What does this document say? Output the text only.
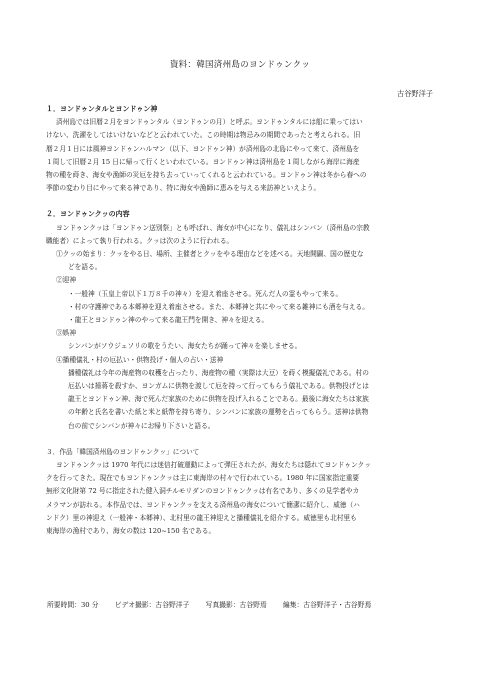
資料：韓国済州島のヨンドゥンクッ
古谷野洋子

１．ヨンドゥンタルとヨンドゥン神

済州島では旧暦２月をヨンドゥンタル（ヨンドゥンの月）と呼ぶ。ヨンドゥンタルには船に乗ってはい

けない、洗濯をしてはいけないなどと云われていた。この時期は物忌みの期間であったと考えられる。旧

暦２月１日には風神ヨンドゥンハルマン（以下、ヨンドゥン神）が済州島の北島にやって来て、済州島を

１周して旧暦２月 15 日に帰って行くといわれている。ヨンドゥン神は済州島を１周しながら海岸に海産

物の種を蒔き、海女や漁師の災厄を持ち去っていってくれると云われている。ヨンドゥン神は冬から春への

季節の変わり目にやって来る神であり、特に海女や漁師に恵みを与える来訪神といえよう。

２．ヨンドゥンクッの内容

ヨンドゥンクッは「ヨンドゥン送別祭」とも呼ばれ、海女が中心になり、儀礼はシンバン（済州島の宗教

職能者）によって執り行われる。クッは次のように行われる。

①クッの始まり：クッをやる日、場所、主催者とクッをやる理由などを述べる。天地開闢、国の歴史な

どを語る。

②迎神

・一般神（玉皇上帝以下１万８千の神々）を迎え着座させる。死んだ人の霊もやって来る。

・村の守護神である本郷神を迎え着座させる。また、本郷神と共にやって来る雑神にも酒を与える。

・龍王とヨンドゥン神のやって来る龍王門を開き、神々を迎える。

③娯神

シンバンがソウジェソリの歌をうたい、海女たちが踊って神々を楽しませる。

④播種儀礼・村の厄払い・供物投げ・個人の占い・送神

播種儀礼は今年の海産物の収穫を占ったり、海産物の種（実際は大豆）を蒔く模擬儀礼である。村の

厄払いは捶蒋を殺すか、ヨンガムに供物を渡して厄を持って行ってもらう儀礼である。供物投げとは

龍王とヨンドゥン神、海で死んだ家族のために供物を投げ入れることである。最後に海女たちは家族

の年齢と氏名を書いた紙と米と紙幣を持ち寄り、シンバンに家族の運勢を占ってもらう。送神は供物

台の前でシンバンが神々にお帰り下さいと語る。

３．作品「韓国済州島のヨンドゥンクッ」について

ヨンドゥンクッは 1970 年代には迷信打破運動によって弾圧されたが、海女たちは隠れてヨンドゥンクッ

クを行ってきた。現在でもヨンドゥンクッは主に東海岸の村々で行われている。1980 年に国家指定重要

無形文化財第 72 号に指定された健入洞チルモリダンのヨンドゥンクッは有名であり、多くの見学者やカ

メラマンが訪れる。本作品では、ヨンドゥンクッを支える済州島の海女について簡潔に紹介し、威徳（ハ

ンドク）里の神迎え（一般神・本郷神）、北村里の龍王神迎えと播種儀礼を紹介する。威徳里も北村里も

東海岸の漁村であり、海女の数は 120~150 名である。

所要時間：30 分 ビデオ撮影：古谷野洋子 写真撮影：古谷野焉 編集：古谷野洋子・古谷野焉
